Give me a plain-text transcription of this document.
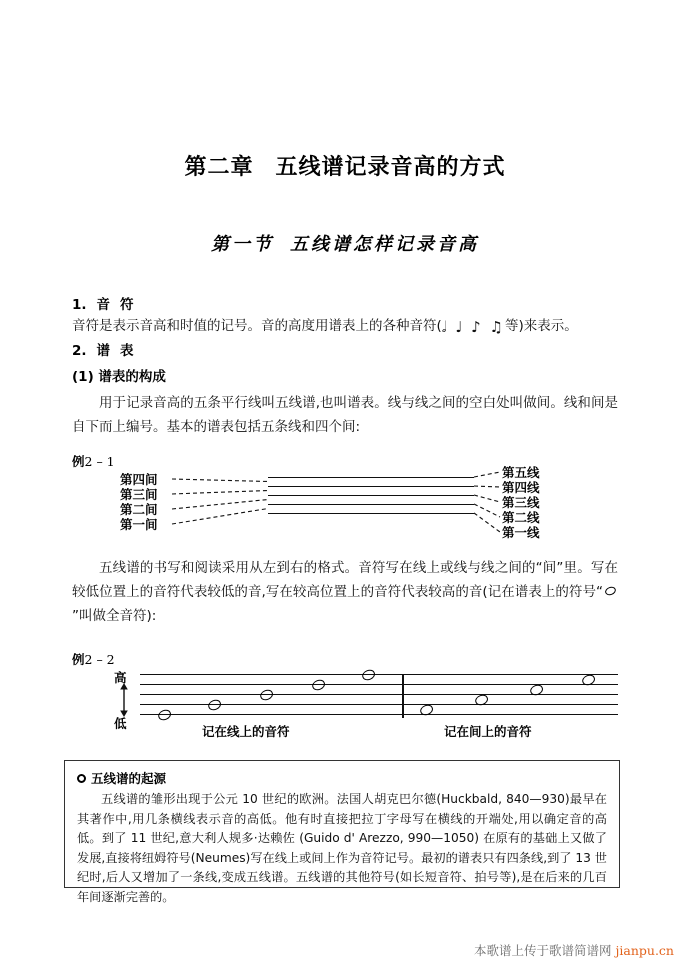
第二章 五线谱记录音高的方式
第一节 五线谱怎样记录音高
1. 音 符
音符是表示音高和时值的记号。音的高度用谱表上的各种音符(𝅗𝅥 ♩ ♪ ♫等)来表示。
2. 谱 表
(1) 谱表的构成
用于记录音高的五条平行线叫五线谱,也叫谱表。线与线之间的空白处叫做间。线和间是自下而上编号。基本的谱表包括五条线和四个间:
例2 – 1
第四间
第三间
第二间
第一间
第五线
第四线
第三线
第二线
第一线
五线谱的书写和阅读采用从左到右的格式。音符写在线上或线与线之间的“间”里。写在较低位置上的音符代表较低的音,写在较高位置上的音符代表较高的音(记在谱表上的符号“”叫做全音符):
例2 – 2
高
低
记在线上的音符	记在间上的音符
五线谱的起源
五线谱的雏形出现于公元 10 世纪的欧洲。法国人胡克巴尔德(Huckbald, 840—930)最早在其著作中,用几条横线表示音的高低。他有时直接把拉丁字母写在横线的开端处,用以确定音的高低。到了 11 世纪,意大利人规多·达赖佐 (Guido d' Arezzo, 990—1050) 在原有的基础上又做了发展,直接将纽姆符号(Neumes)写在线上或间上作为音符记号。最初的谱表只有四条线,到了 13 世纪时,后人又增加了一条线,变成五线谱。五线谱的其他符号(如长短音符、拍号等),是在后来的几百年间逐渐完善的。
本歌谱上传于歌谱简谱网 jianpu.cn
